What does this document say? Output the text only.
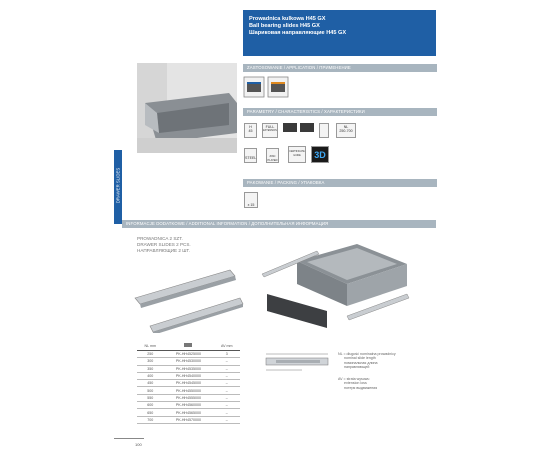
Prowadnica kulkowa H45 GX
Ball bearing slides H45 GX
Шариковая направляющие H45 GX
DRAWER SLIDES
ZASTOSOWANIE / APPLICATION / ПРИМЕНЕНИЕ
PARAMETRY / CHARACTERISTICS / ХАРАКТЕРИСТИКИ
PAKOWANIE / PACKING / УПАКОВКА
INFORMACJE DODATKOWE / ADDITIONAL INFORMATION / ДОПОЛНИТЕЛЬНАЯ ИНФОРМАЦИЯ
H
45
FULL
EXTENSION
NL
250-700
STEEL	ZINC PLATED
CERTIFICATE GUIDE	3D
x 15
PROWADNICA 2 SZT.
DRAWER SLIDES 2 PCS.
НАПРАВЛЯЮЩИЕ 2 ШТ.
NL mm		AV mm
250	PK-HH4525000	3
300	PK-HH4530000	–
350	PK-HH4535000	–
400	PK-HH4540000	–
450	PK-HH4545000	–
500	PK-HH4550000	–
550	PK-HH4555000	–
600	PK-HH4560000	–
650	PK-HH4565000	–
700	PK-HH4570000	–
NL = długość nominalna prowadnicy
nominal slide length
номинальная длина
направляющей
AV = strata wysuwu
extension loss
потеря выдвижения
100
